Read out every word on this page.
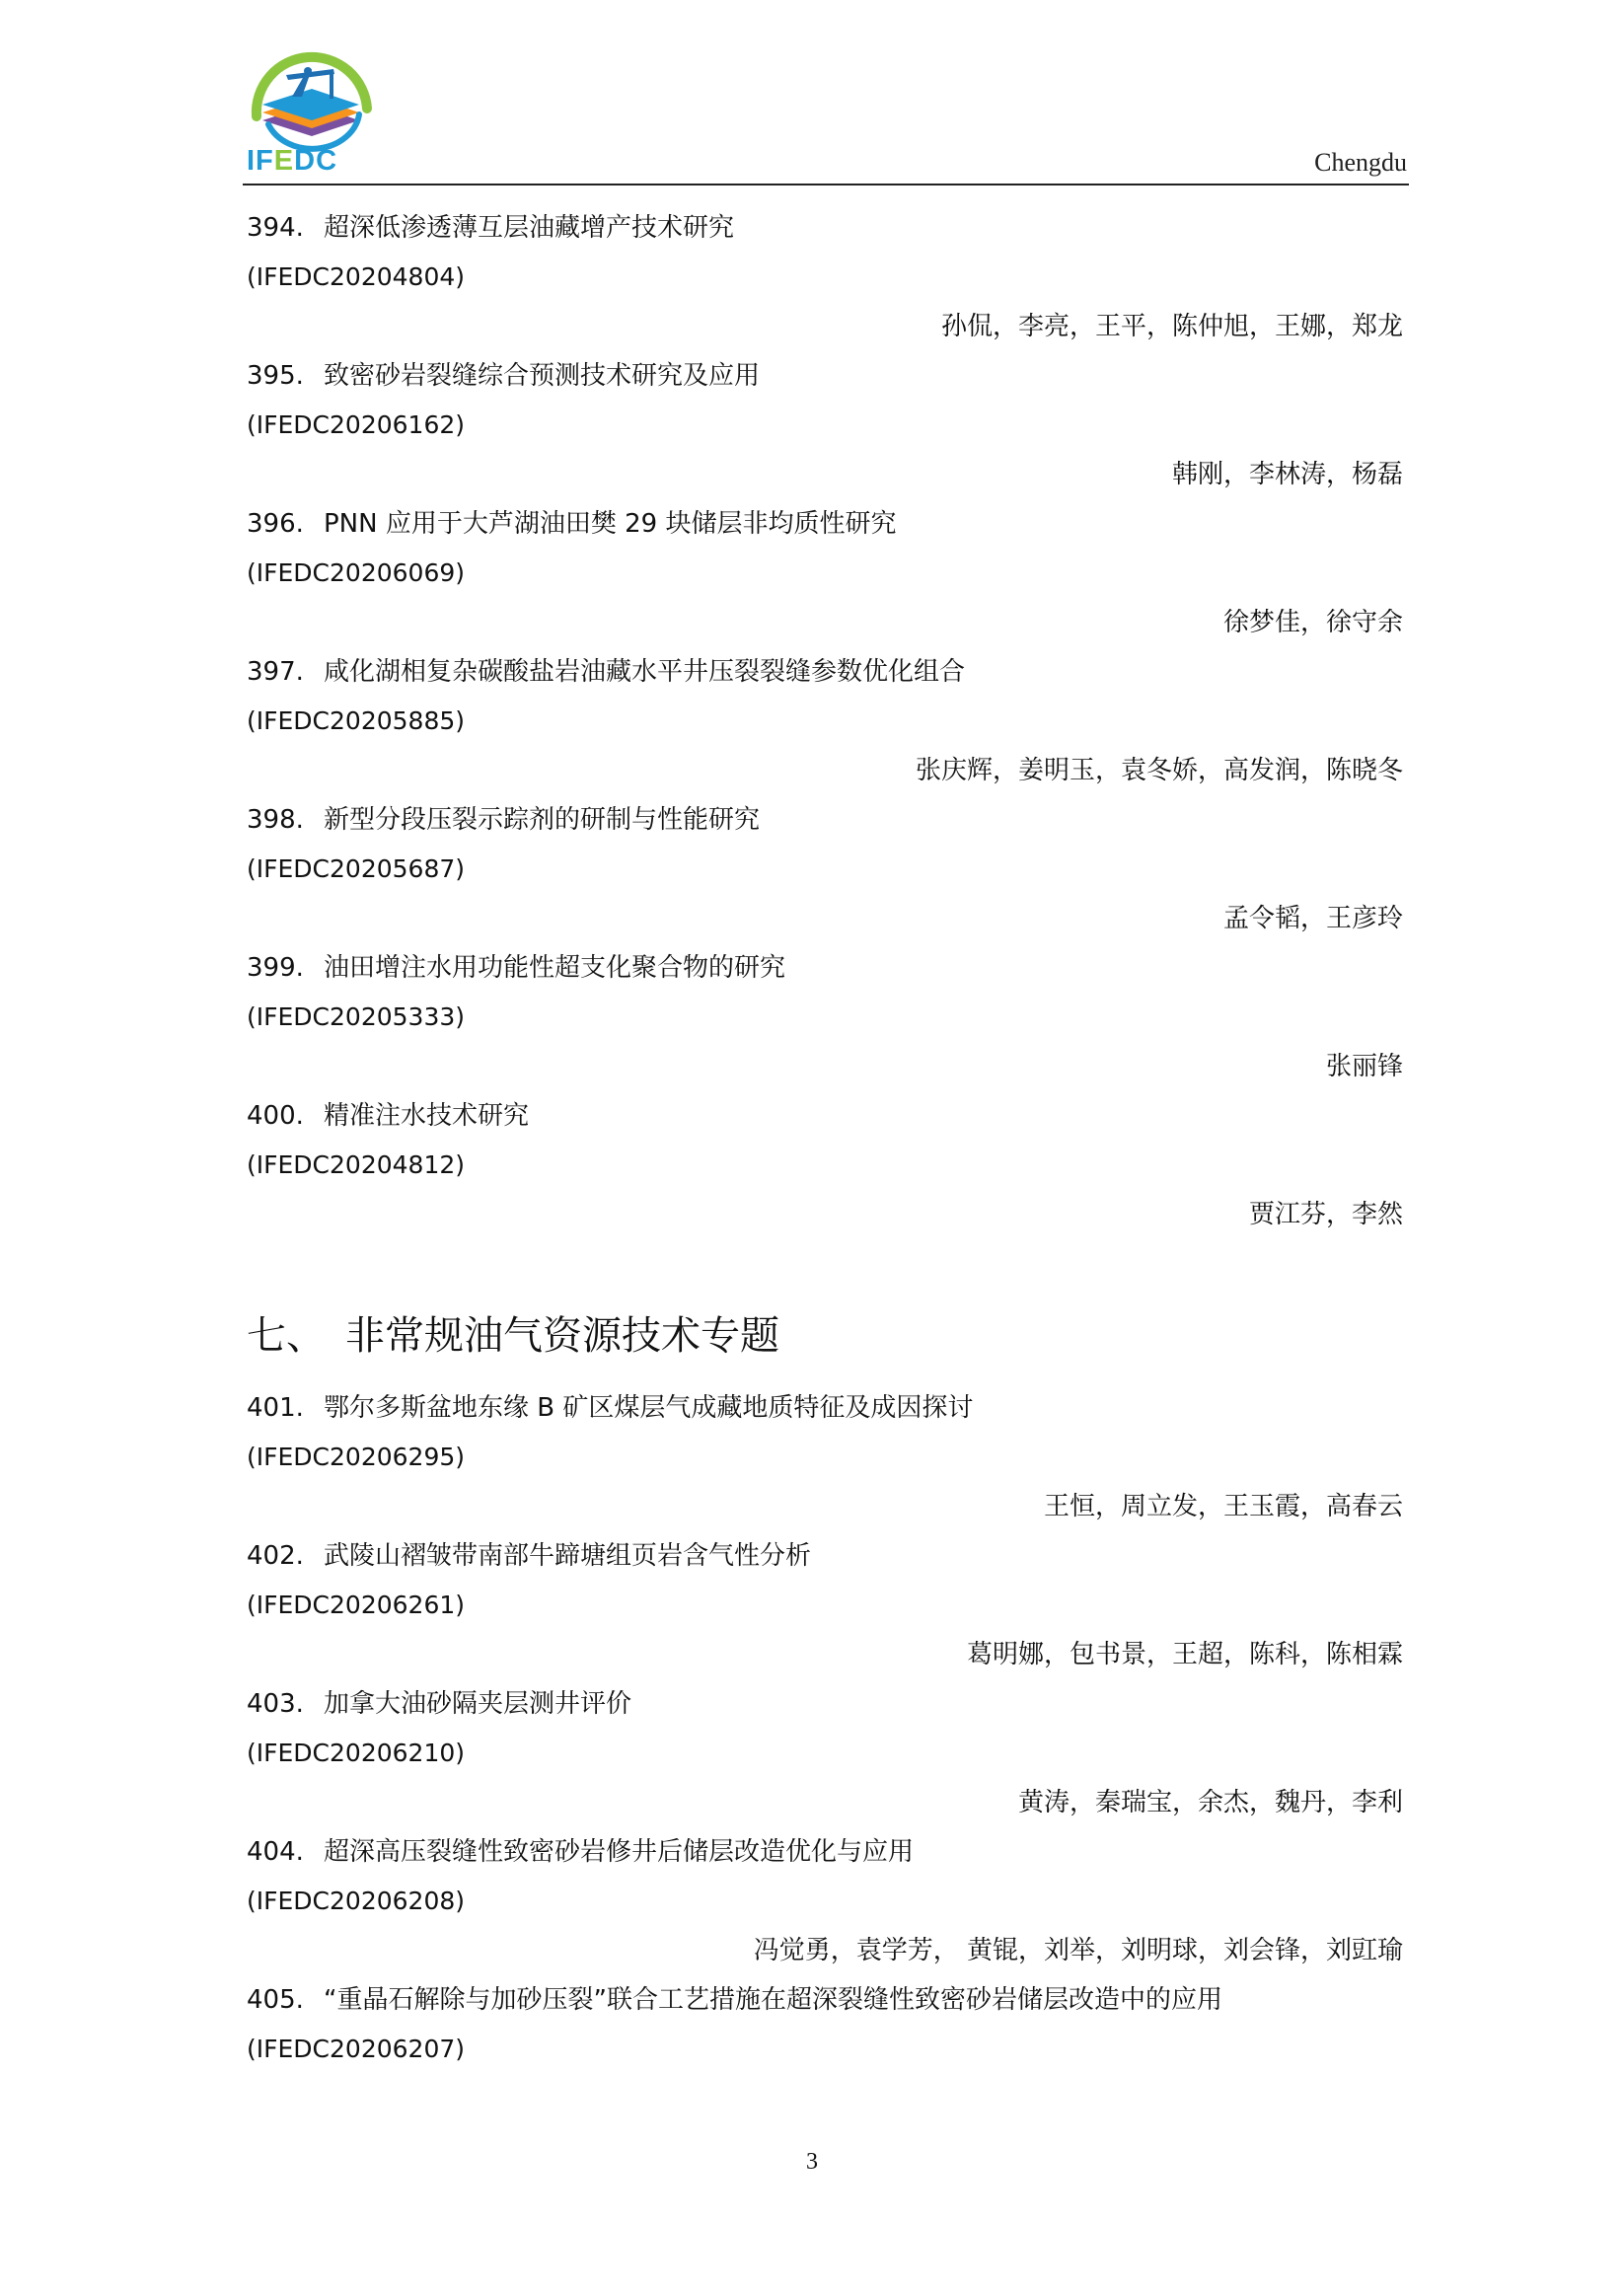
IFEDC	Chengdu
394. 超深低渗透薄互层油藏增产技术研究
(IFEDC20204804)
孙侃，李亮，王平，陈仲旭，王娜，郑龙
395. 致密砂岩裂缝综合预测技术研究及应用
(IFEDC20206162)
韩刚，李林涛，杨磊
396. PNN 应用于大芦湖油田樊 29 块储层非均质性研究
(IFEDC20206069)
徐梦佳，徐守余
397. 咸化湖相复杂碳酸盐岩油藏水平井压裂裂缝参数优化组合
(IFEDC20205885)
张庆辉，姜明玉，袁冬娇，高发润，陈晓冬
398. 新型分段压裂示踪剂的研制与性能研究
(IFEDC20205687)
孟令韬，王彦玲
399. 油田增注水用功能性超支化聚合物的研究
(IFEDC20205333)
张丽锋
400. 精准注水技术研究
(IFEDC20204812)
贾江芬，李然
七、 非常规油气资源技术专题
401. 鄂尔多斯盆地东缘 B 矿区煤层气成藏地质特征及成因探讨
(IFEDC20206295)
王恒，周立发，王玉霞，高春云
402. 武陵山褶皱带南部牛蹄塘组页岩含气性分析
(IFEDC20206261)
葛明娜，包书景，王超，陈科，陈相霖
403. 加拿大油砂隔夹层测井评价
(IFEDC20206210)
黄涛，秦瑞宝，余杰，魏丹，李利
404. 超深高压裂缝性致密砂岩修井后储层改造优化与应用
(IFEDC20206208)
冯觉勇，袁学芳， 黄锟，刘举，刘明球，刘会锋，刘豇瑜
405. “重晶石解除与加砂压裂”联合工艺措施在超深裂缝性致密砂岩储层改造中的应用
(IFEDC20206207)
3
